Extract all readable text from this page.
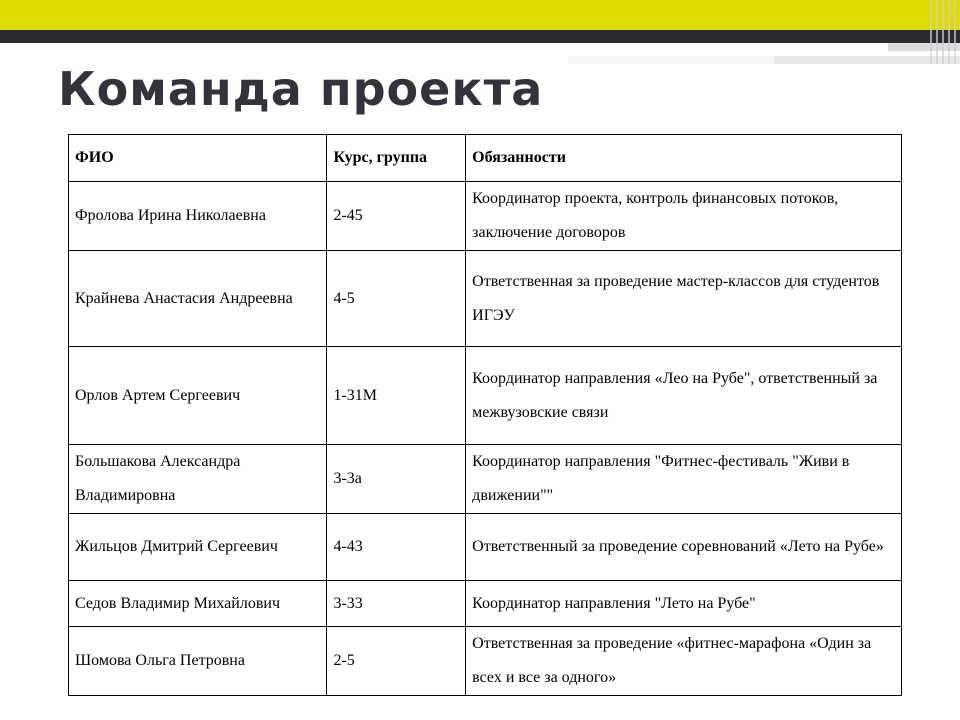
Команда проекта
ФИО	Курс, группа	Обязанности
Фролова Ирина Николаевна	2-45	Координатор проекта, контроль финансовых потоков, заключение договоров
Крайнева Анастасия Андреевна	4-5	Ответственная за проведение мастер-классов для студентов ИГЭУ
Орлов Артем Сергеевич	1-31М	Координатор направления «Лео на Рубе", ответственный за межвузовские связи
Большакова Александра Владимировна	3-3а	Координатор направления "Фитнес-фестиваль "Живи в движении""
Жильцов Дмитрий Сергеевич	4-43	Ответственный за проведение соревнований «Лето на Рубе»
Седов Владимир Михайлович	3-33	Координатор направления "Лето на Рубе"
Шомова Ольга Петровна	2-5	Ответственная за проведение «фитнес-марафона «Один за всех и все за одного»
